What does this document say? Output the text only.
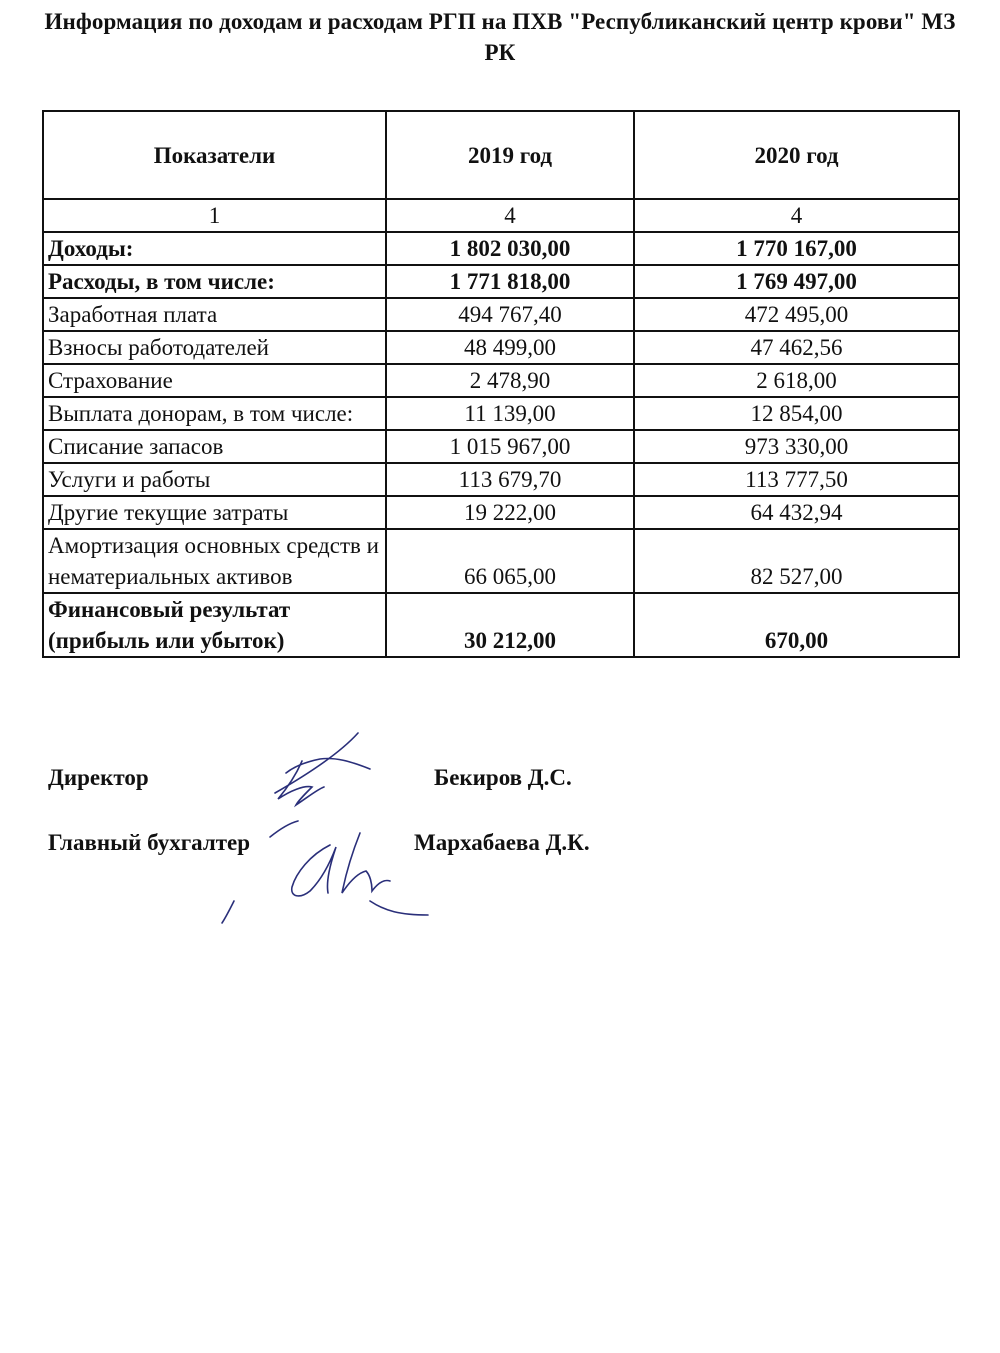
Информация по доходам и расходам РГП на ПХВ "Республиканский центр крови" МЗ РК
Показатели	2019 год	2020 год
1	4	4
Доходы:	1 802 030,00	1 770 167,00
Расходы, в том числе:	1 771 818,00	1 769 497,00
Заработная плата	494 767,40	472 495,00
Взносы работодателей	48 499,00	47 462,56
Страхование	2 478,90	2 618,00
Выплата донорам, в том числе:	11 139,00	12 854,00
Списание запасов	1 015 967,00	973 330,00
Услуги и работы	113 679,70	113 777,50
Другие текущие затраты	19 222,00	64 432,94
Амортизация основных средств и нематериальных активов	66 065,00	82 527,00
Финансовый результат (прибыль или убыток)	30 212,00	670,00
Директор	Бекиров Д.С.
Главный бухгалтер	Мархабаева Д.К.
